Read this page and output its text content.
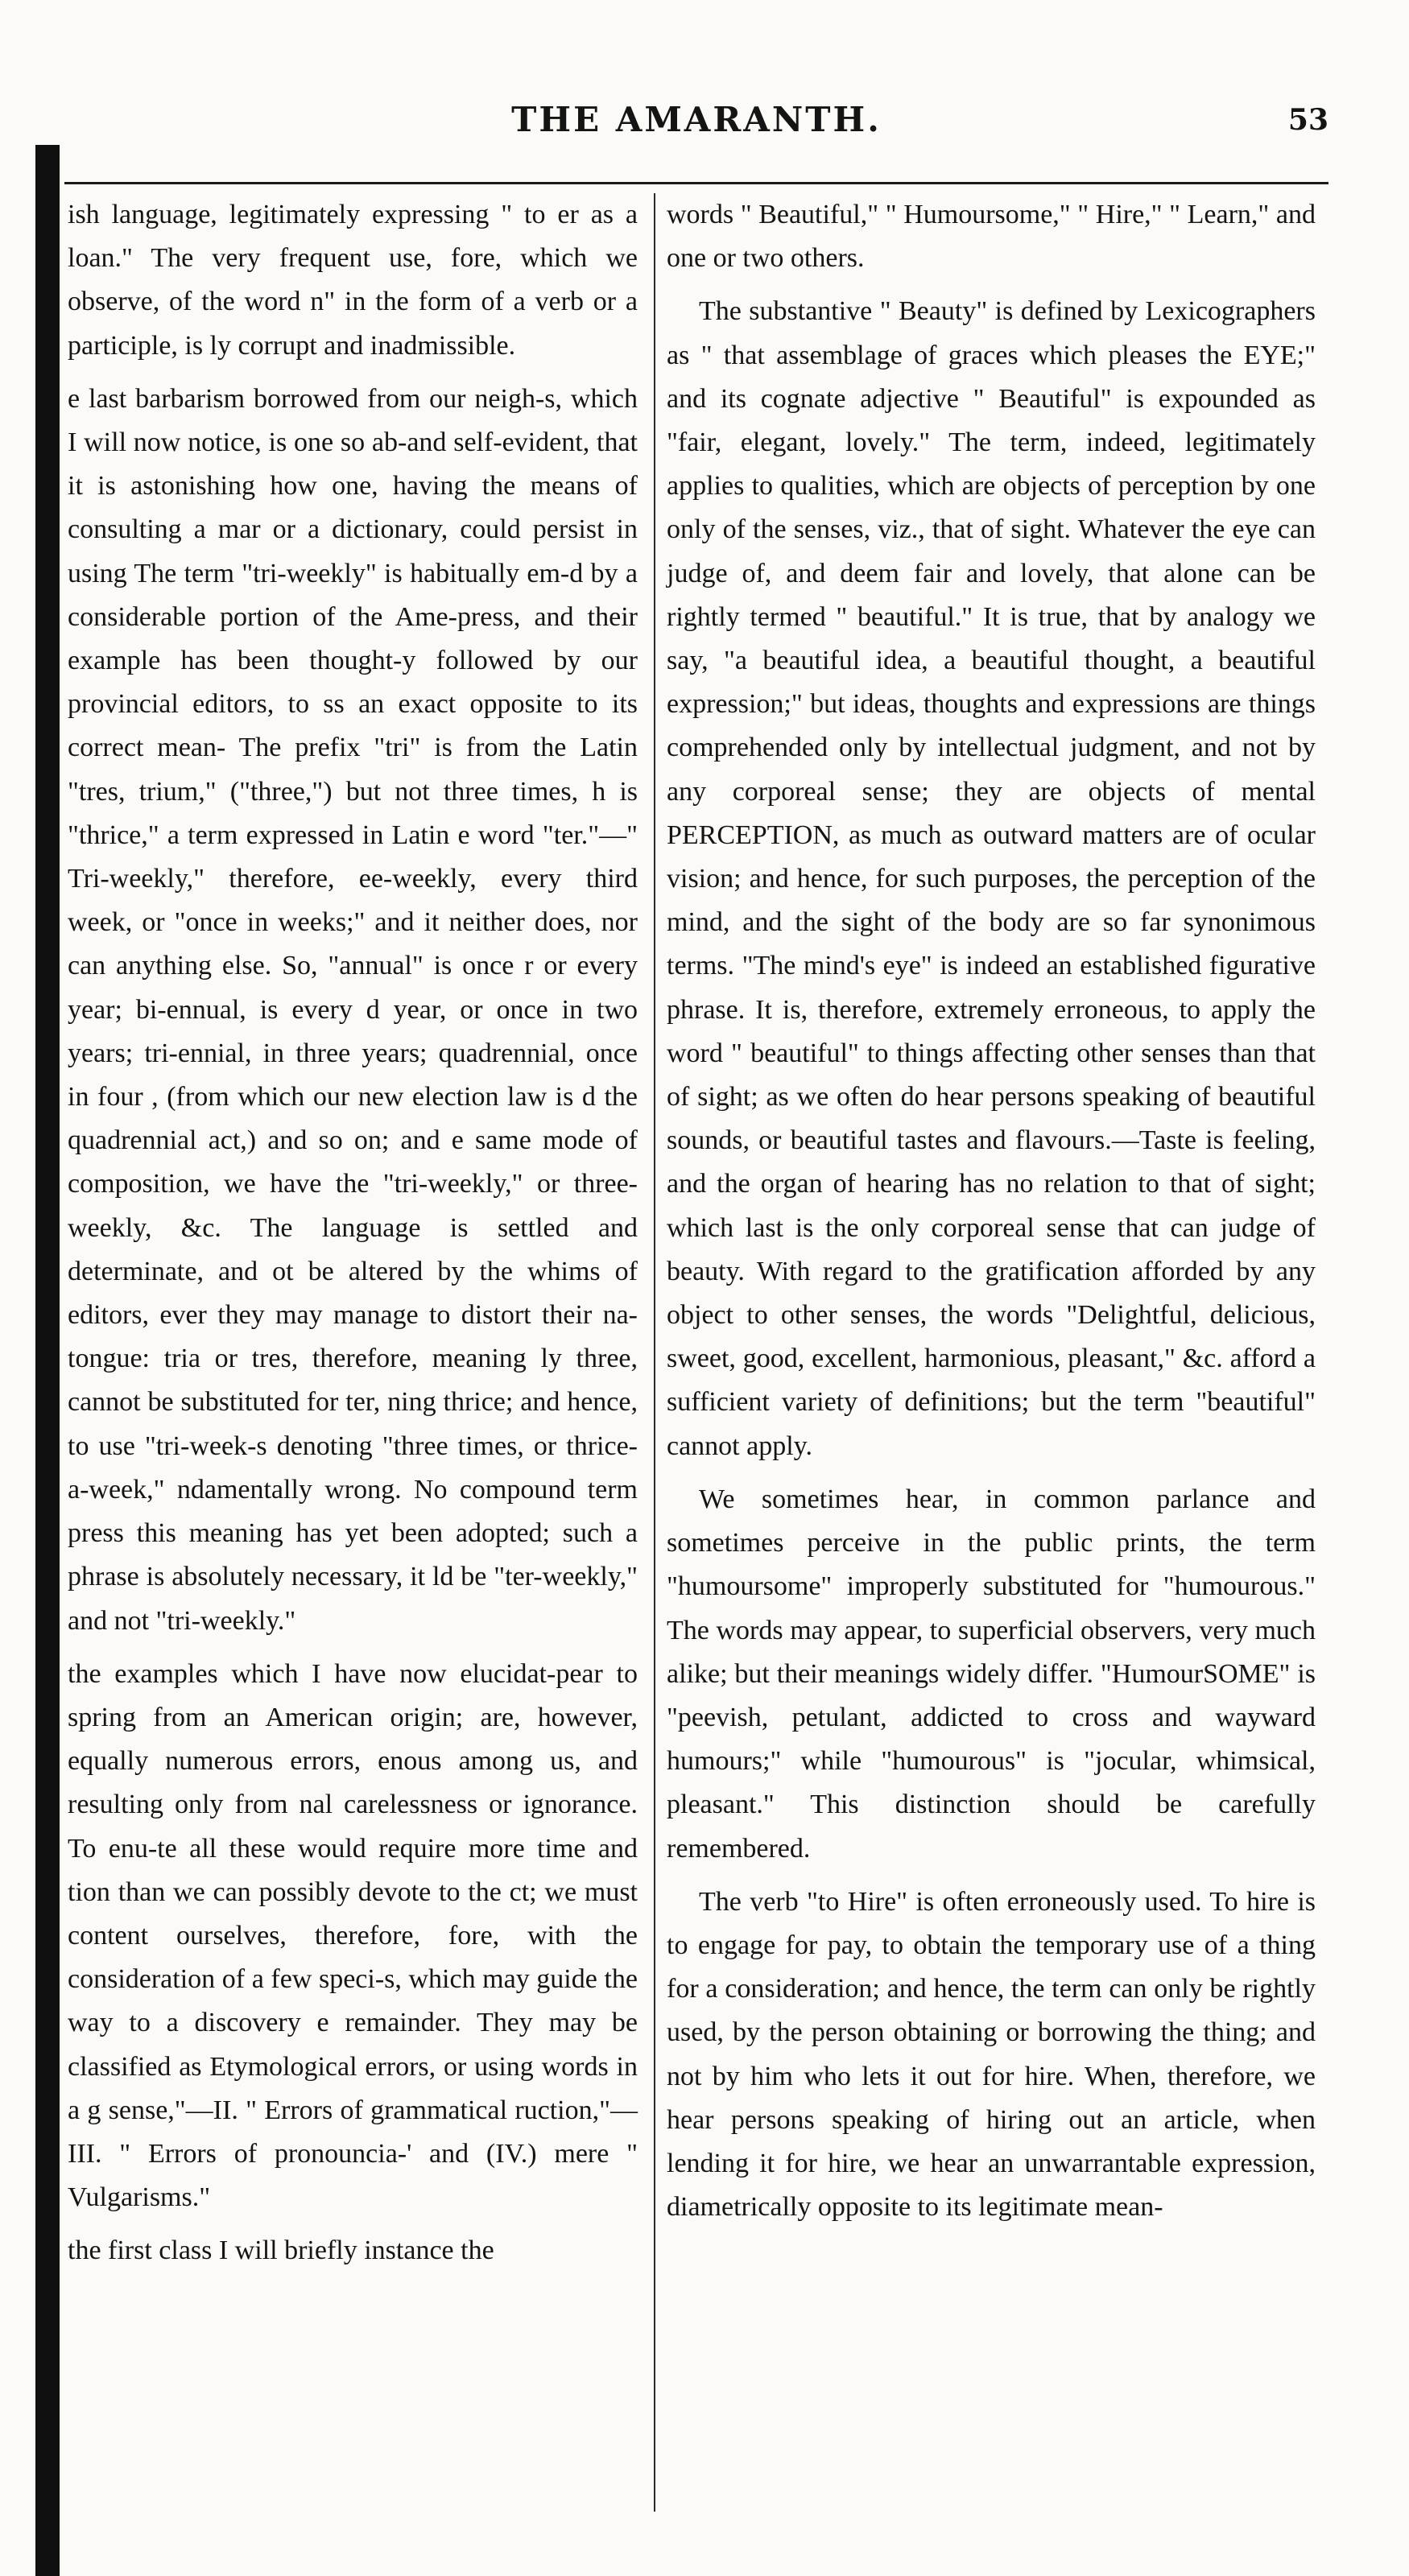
THE AMARANTH.	53

ish language, legitimately expressing " to er as a loan." The very frequent use, fore, which we observe, of the word n" in the form of a verb or a participle, is ly corrupt and inadmissible.

e last barbarism borrowed from our neigh-s, which I will now notice, is one so ab-and self-evident, that it is astonishing how one, having the means of consulting a mar or a dictionary, could persist in using The term "tri-weekly" is habitually em-d by a considerable portion of the Ame-press, and their example has been thought-y followed by our provincial editors, to ss an exact opposite to its correct mean- The prefix "tri" is from the Latin "tres, trium," ("three,") but not three times, h is "thrice," a term expressed in Latin e word "ter."—" Tri-weekly," therefore, ee-weekly, every third week, or "once in weeks;" and it neither does, nor can anything else. So, "annual" is once r or every year; bi-ennual, is every d year, or once in two years; tri-ennial, in three years; quadrennial, once in four , (from which our new election law is d the quadrennial act,) and so on; and e same mode of composition, we have the "tri-weekly," or three-weekly, &c. The language is settled and determinate, and ot be altered by the whims of editors, ever they may manage to distort their na-tongue: tria or tres, therefore, meaning ly three, cannot be substituted for ter, ning thrice; and hence, to use "tri-week-s denoting "three times, or thrice-a-week," ndamentally wrong. No compound term press this meaning has yet been adopted; such a phrase is absolutely necessary, it ld be "ter-weekly," and not "tri-weekly."

the examples which I have now elucidat-pear to spring from an American origin; are, however, equally numerous errors, enous among us, and resulting only from nal carelessness or ignorance. To enu-te all these would require more time and tion than we can possibly devote to the ct; we must content ourselves, therefore, fore, with the consideration of a few speci-s, which may guide the way to a discovery e remainder. They may be classified as Etymological errors, or using words in a g sense,"—II. " Errors of grammatical ruction,"—III. " Errors of pronouncia-' and (IV.) mere " Vulgarisms."

the first class I will briefly instance the

words " Beautiful," " Humoursome," " Hire," " Learn," and one or two others.

The substantive " Beauty" is defined by Lexicographers as " that assemblage of graces which pleases the EYE;" and its cognate adjective " Beautiful" is expounded as "fair, elegant, lovely." The term, indeed, legitimately applies to qualities, which are objects of perception by one only of the senses, viz., that of sight. Whatever the eye can judge of, and deem fair and lovely, that alone can be rightly termed " beautiful." It is true, that by analogy we say, "a beautiful idea, a beautiful thought, a beautiful expression;" but ideas, thoughts and expressions are things comprehended only by intellectual judgment, and not by any corporeal sense; they are objects of mental PERCEPTION, as much as outward matters are of ocular vision; and hence, for such purposes, the perception of the mind, and the sight of the body are so far synonimous terms. "The mind's eye" is indeed an established figurative phrase. It is, therefore, extremely erroneous, to apply the word " beautiful" to things affecting other senses than that of sight; as we often do hear persons speaking of beautiful sounds, or beautiful tastes and flavours.—Taste is feeling, and the organ of hearing has no relation to that of sight; which last is the only corporeal sense that can judge of beauty. With regard to the gratification afforded by any object to other senses, the words "Delightful, delicious, sweet, good, excellent, harmonious, pleasant," &c. afford a sufficient variety of definitions; but the term "beautiful" cannot apply.

We sometimes hear, in common parlance and sometimes perceive in the public prints, the term "humoursome" improperly substituted for "humourous." The words may appear, to superficial observers, very much alike; but their meanings widely differ. "HumourSOME" is "peevish, petulant, addicted to cross and wayward humours;" while "humourous" is "jocular, whimsical, pleasant." This distinction should be carefully remembered.

The verb "to Hire" is often erroneously used. To hire is to engage for pay, to obtain the temporary use of a thing for a consideration; and hence, the term can only be rightly used, by the person obtaining or borrowing the thing; and not by him who lets it out for hire. When, therefore, we hear persons speaking of hiring out an article, when lending it for hire, we hear an unwarrantable expression, diametrically opposite to its legitimate mean-
